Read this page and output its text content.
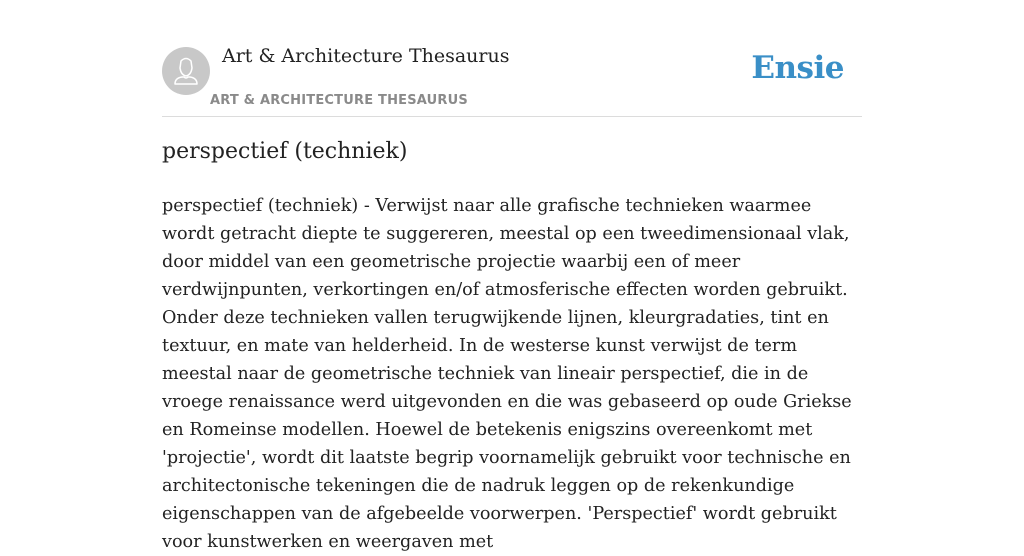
Art & Architecture Thesaurus
ART & ARCHITECTURE THESAURUS
Ensie
perspectief (techniek)

perspectief (techniek) - Verwijst naar alle grafische technieken waarmee wordt getracht diepte te suggereren, meestal op een tweedimensionaal vlak, door middel van een geometrische projectie waarbij een of meer verdwijnpunten, verkortingen en/of atmosferische effecten worden gebruikt. Onder deze technieken vallen terugwijkende lijnen, kleurgradaties, tint en textuur, en mate van helderheid. In de westerse kunst verwijst de term meestal naar de geometrische techniek van lineair perspectief, die in de vroege renaissance werd uitgevonden en die was gebaseerd op oude Griekse en Romeinse modellen. Hoewel de betekenis enigszins overeenkomt met 'projectie', wordt dit laatste begrip voornamelijk gebruikt voor technische en architectonische tekeningen die de nadruk leggen op de rekenkundige eigenschappen van de afgebeelde voorwerpen. 'Perspectief' wordt gebruikt voor kunstwerken en weergaven met
